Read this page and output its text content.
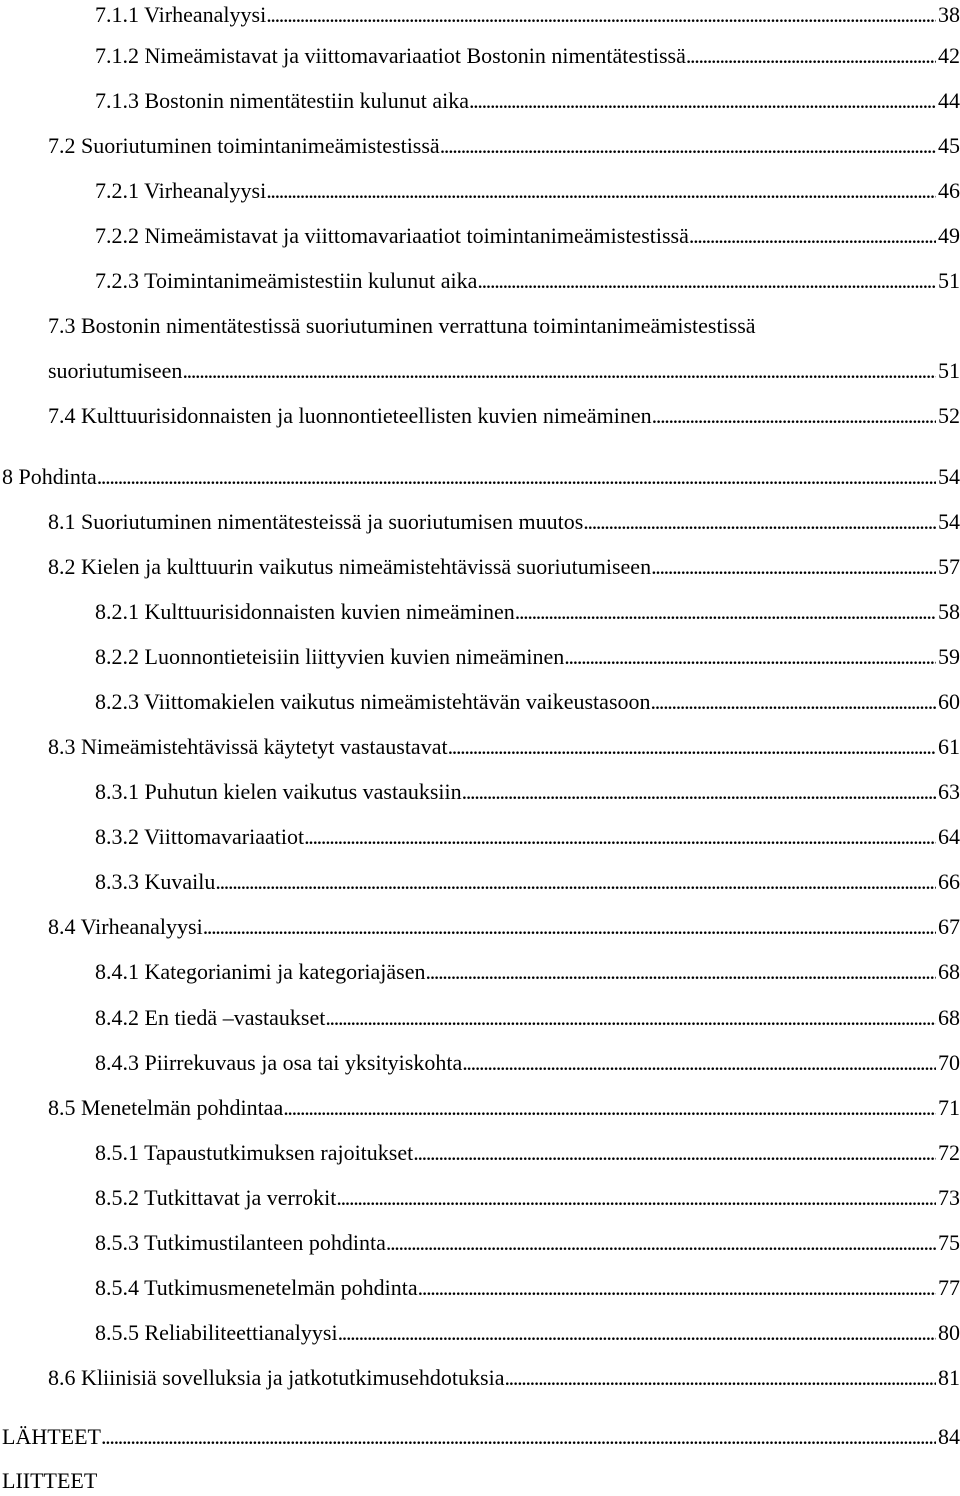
7.1.1 Virheanalyysi . . .	38
7.1.2 Nimeämistavat ja viittomavariaatiot Bostonin nimentätestissä . . .	42
7.1.3 Bostonin nimentätestiin kulunut aika . . .	44
7.2 Suoriutuminen toimintanimeämistestissä . . .	45
7.2.1 Virheanalyysi . . .	46
7.2.2 Nimeämistavat ja viittomavariaatiot toimintanimeämistestissä . . .	49
7.2.3 Toimintanimeämistestiin kulunut aika . . .	51
7.3 Bostonin nimentätestissä suoriutuminen verrattuna toimintanimeämistestissä
suoriutumiseen . . .	51
7.4 Kulttuurisidonnaisten ja luonnontieteellisten kuvien nimeäminen . . .	52
8 Pohdinta . . .	54
8.1 Suoriutuminen nimentätesteissä ja suoriutumisen muutos . . .	54
8.2 Kielen ja kulttuurin vaikutus nimeämistehtävissä suoriutumiseen . . .	57
8.2.1 Kulttuurisidonnaisten kuvien nimeäminen . . .	58
8.2.2 Luonnontieteisiin liittyvien kuvien nimeäminen . . .	59
8.2.3 Viittomakielen vaikutus nimeämistehtävän vaikeustasoon . . .	60
8.3 Nimeämistehtävissä käytetyt vastaustavat . . .	61
8.3.1 Puhutun kielen vaikutus vastauksiin . . .	63
8.3.2 Viittomavariaatiot . . .	64
8.3.3 Kuvailu . . .	66
8.4 Virheanalyysi . . .	67
8.4.1 Kategorianimi ja kategoriajäsen . . .	68
8.4.2 En tiedä –vastaukset . . .	68
8.4.3 Piirrekuvaus ja osa tai yksityiskohta . . .	70
8.5 Menetelmän pohdintaa . . .	71
8.5.1 Tapaustutkimuksen rajoitukset . . .	72
8.5.2 Tutkittavat ja verrokit . . .	73
8.5.3 Tutkimustilanteen pohdinta . . .	75
8.5.4 Tutkimusmenetelmän pohdinta . . .	77
8.5.5 Reliabiliteettianalyysi . . .	80
8.6 Kliinisiä sovelluksia ja jatkotutkimusehdotuksia . . .	81
LÄHTEET . . .	84
LIITTEET
